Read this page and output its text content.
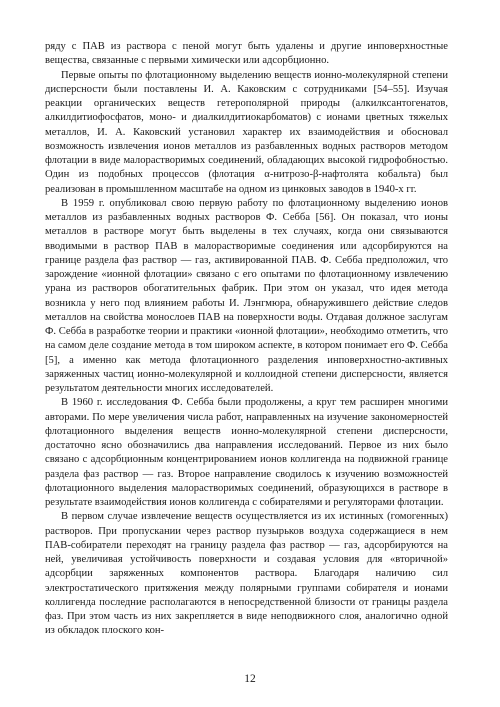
ряду с ПАВ из раствора с пеной могут быть удалены и другие инповерхностные вещества, связанные с первыми химически или адсорбционно.

Первые опыты по флотационному выделению веществ ионно-молекулярной степени дисперсности были поставлены И. А. Каковским с сотрудниками [54–55]. Изучая реакции органических веществ гетерополярной природы (алкилксантогенатов, алкилдитиофосфатов, моно- и диалкилдитиокарбоматов) с ионами цветных тяжелых металлов, И. А. Каковский установил характер их взаимодействия и обосновал возможность извлечения ионов металлов из разбавленных водных растворов методом флотации в виде малорастворимых соединений, обладающих высокой гидрофобностью. Один из подобных процессов (флотация α-нитрозо-β-нафтолята кобальта) был реализован в промышленном масштабе на одном из цинковых заводов в 1940-х гг.

В 1959 г. опубликовал свою первую работу по флотационному выделению ионов металлов из разбавленных водных растворов Ф. Себба [56]. Он показал, что ионы металлов в растворе могут быть выделены в тех случаях, когда они связываются вводимыми в раствор ПАВ в малорастворимые соединения или адсорбируются на границе раздела фаз раствор — газ, активированной ПАВ. Ф. Себба предположил, что зарождение «ионной флотации» связано с его опытами по флотационному извлечению урана из растворов обогатительных фабрик. При этом он указал, что идея метода возникла у него под влиянием работы И. Лэнгмюра, обнаружившего действие следов металлов на свойства монослоев ПАВ на поверхности воды. Отдавая должное заслугам Ф. Себба в разработке теории и практики «ионной флотации», необходимо отметить, что на самом деле создание метода в том широком аспекте, в котором понимает его Ф. Себба [5], а именно как метода флотационного разделения инповерхностно-активных заряженных частиц ионно-молекулярной и коллоидной степени дисперсности, является результатом деятельности многих исследователей.

В 1960 г. исследования Ф. Себба были продолжены, а круг тем расширен многими авторами. По мере увеличения числа работ, направленных на изучение закономерностей флотационного выделения веществ ионно-молекулярной степени дисперсности, достаточно ясно обозначились два направления исследований. Первое из них было связано с адсорбционным концентрированием ионов коллигенда на подвижной границе раздела фаз раствор — газ. Второе направление сводилось к изучению возможностей флотационного выделения малорастворимых соединений, образующихся в растворе в результате взаимодействия ионов коллигенда с собирателями и регуляторами флотации.

В первом случае извлечение веществ осуществляется из их истинных (гомогенных) растворов. При пропускании через раствор пузырьков воздуха содержащиеся в нем ПАВ-собиратели переходят на границу раздела фаз раствор — газ, адсорбируются на ней, увеличивая устойчивость поверхности и создавая условия для «вторичной» адсорбции заряженных компонентов раствора. Благодаря наличию сил электростатического притяжения между полярными группами собирателя и ионами коллигенда последние располагаются в непосредственной близости от границы раздела фаз. При этом часть из них закрепляется в виде неподвижного слоя, аналогично одной из обкладок плоского кон-

12
